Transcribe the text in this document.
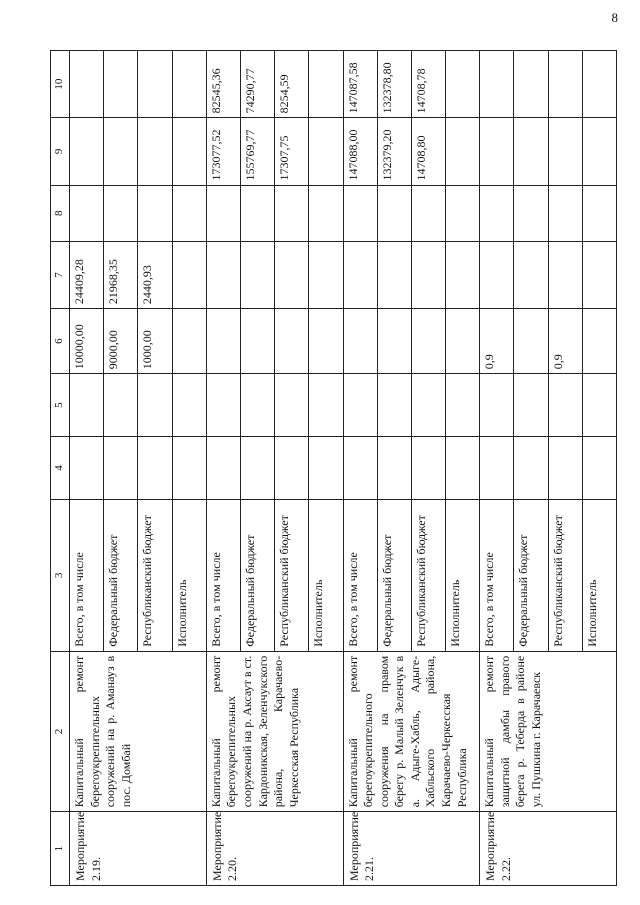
8
1	2	3	4	5	6	7	8	9	10
Мероприятие 2.19.	Капитальный ремонт берегоукрепительных сооружений на р. Аманауз в пос. Домбай	Всего, в том числе			10000,00	24409,28			
		Федеральный бюджет			9000,00	21968,35			
		Республиканский бюджет			1000,00	2440,93			
		Исполнитель							
Мероприятие 2.20.	Капитальный ремонт берегоукрепительных сооружений на р. Аксаут в ст. Кардоникская, Зеленчукского района, Карачаево-Черкесская Республика	Всего, в том числе						173077,52	82545,36
		Федеральный бюджет						155769,77	74290,77
		Республиканский бюджет						17307,75	8254,59
		Исполнитель							
Мероприятие 2.21.	Капитальный ремонт берегоукрепительного сооружения на правом берегу р. Малый Зеленчук в а. Адыге-Хабль, Адыге-Хабльского района, Карачаево-Черкесская Республика	Всего, в том числе						147088,00	147087,58
		Федеральный бюджет						132379,20	132378,80
		Республиканский бюджет						14708,80	14708,78
		Исполнитель							
Мероприятие 2.22.	Капитальный ремонт защитной дамбы правого берега р. Теберда в районе ул. Пушкина г. Карачаевск	Всего, в том числе			0,9				
		Федеральный бюджет							
		Республиканский бюджет			0,9				
		Исполнитель							
